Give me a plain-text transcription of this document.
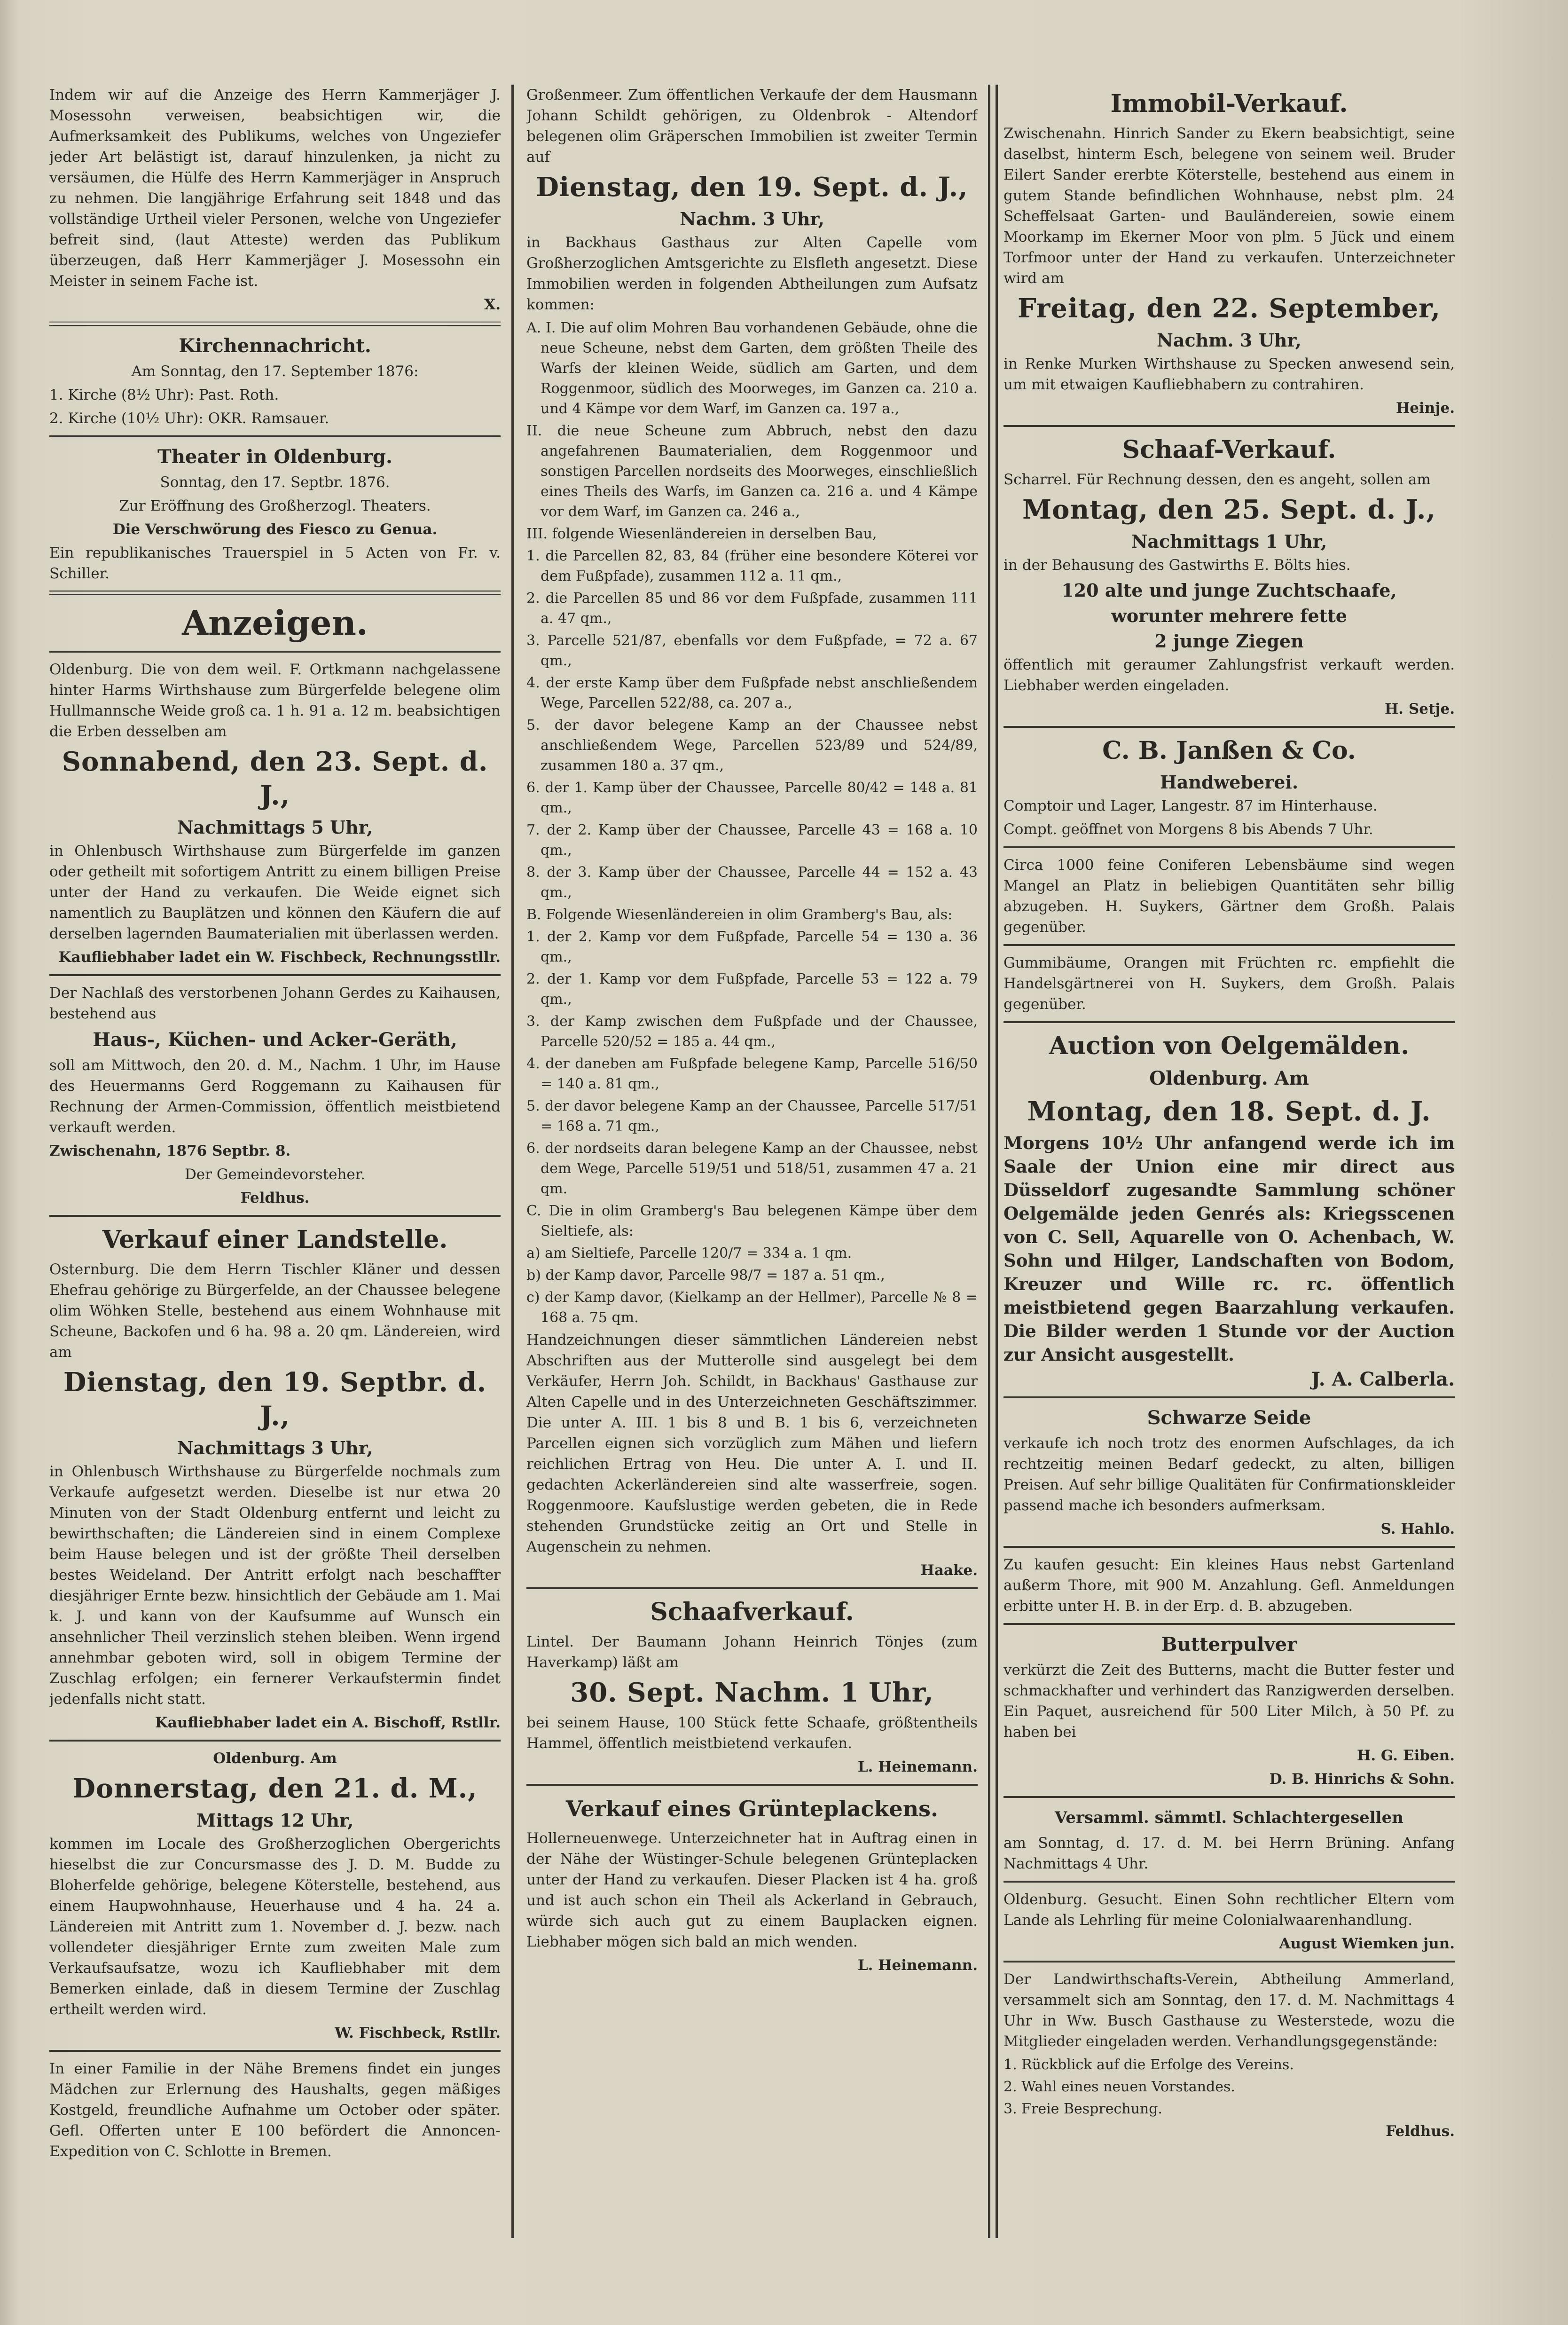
Indem wir auf die Anzeige des Herrn Kammerjäger J. Mosessohn verweisen, beabsichtigen wir, die Aufmerksamkeit des Publikums, welches von Ungeziefer jeder Art belästigt ist, darauf hinzulenken, ja nicht zu versäumen, die Hülfe des Herrn Kammerjäger in Anspruch zu nehmen. Die langjährige Erfahrung seit 1848 und das vollständige Urtheil vieler Personen, welche von Ungeziefer befreit sind, (laut Atteste) werden das Publikum überzeugen, daß Herr Kammerjäger J. Mosessohn ein Meister in seinem Fache ist.

X.

Kirchennachricht.

Am Sonntag, den 17. September 1876:

1. Kirche (8½ Uhr): Past. Roth.

2. Kirche (10½ Uhr): OKR. Ramsauer.

Theater in Oldenburg.

Sonntag, den 17. Septbr. 1876.

Zur Eröffnung des Großherzogl. Theaters.

Die Verschwörung des Fiesco zu Genua.

Ein republikanisches Trauerspiel in 5 Acten von Fr. v. Schiller.

Anzeigen.

Oldenburg. Die von dem weil. F. Ortkmann nachgelassene hinter Harms Wirthshause zum Bürgerfelde belegene olim Hullmannsche Weide groß ca. 1 h. 91 a. 12 m. beabsichtigen die Erben desselben am

Sonnabend, den 23. Sept. d. J.,
Nachmittags 5 Uhr,

in Ohlenbusch Wirthshause zum Bürgerfelde im ganzen oder getheilt mit sofortigem Antritt zu einem billigen Preise unter der Hand zu verkaufen. Die Weide eignet sich namentlich zu Bauplätzen und können den Käufern die auf derselben lagernden Baumaterialien mit überlassen werden.

Kaufliebhaber ladet ein W. Fischbeck, Rechnungsstllr.

Der Nachlaß des verstorbenen Johann Gerdes zu Kaihausen, bestehend aus

Haus-, Küchen- und Acker-Geräth,

soll am Mittwoch, den 20. d. M., Nachm. 1 Uhr, im Hause des Heuermanns Gerd Roggemann zu Kaihausen für Rechnung der Armen-Commission, öffentlich meistbietend verkauft werden.

Zwischenahn, 1876 Septbr. 8.

Der Gemeindevorsteher.

Feldhus.

Verkauf einer Landstelle.

Osternburg. Die dem Herrn Tischler Kläner und dessen Ehefrau gehörige zu Bürgerfelde, an der Chaussee belegene olim Wöhken Stelle, bestehend aus einem Wohnhause mit Scheune, Backofen und 6 ha. 98 a. 20 qm. Ländereien, wird am

Dienstag, den 19. Septbr. d. J.,
Nachmittags 3 Uhr,

in Ohlenbusch Wirthshause zu Bürgerfelde nochmals zum Verkaufe aufgesetzt werden. Dieselbe ist nur etwa 20 Minuten von der Stadt Oldenburg entfernt und leicht zu bewirthschaften; die Ländereien sind in einem Complexe beim Hause belegen und ist der größte Theil derselben bestes Weideland. Der Antritt erfolgt nach beschaffter diesjähriger Ernte bezw. hinsichtlich der Gebäude am 1. Mai k. J. und kann von der Kaufsumme auf Wunsch ein ansehnlicher Theil verzinslich stehen bleiben. Wenn irgend annehmbar geboten wird, soll in obigem Termine der Zuschlag erfolgen; ein fernerer Verkaufstermin findet jedenfalls nicht statt.

Kaufliebhaber ladet ein A. Bischoff, Rstllr.

Oldenburg. Am

Donnerstag, den 21. d. M.,
Mittags 12 Uhr,

kommen im Locale des Großherzoglichen Obergerichts hieselbst die zur Concursmasse des J. D. M. Budde zu Bloherfelde gehörige, belegene Köterstelle, bestehend, aus einem Haupwohnhause, Heuerhause und 4 ha. 24 a. Ländereien mit Antritt zum 1. November d. J. bezw. nach vollendeter diesjähriger Ernte zum zweiten Male zum Verkaufsaufsatze, wozu ich Kaufliebhaber mit dem Bemerken einlade, daß in diesem Termine der Zuschlag ertheilt werden wird.

W. Fischbeck, Rstllr.

In einer Familie in der Nähe Bremens findet ein junges Mädchen zur Erlernung des Haushalts, gegen mäßiges Kostgeld, freundliche Aufnahme um October oder später. Gefl. Offerten unter E 100 befördert die Annoncen-Expedition von C. Schlotte in Bremen.

Großenmeer. Zum öffentlichen Verkaufe der dem Hausmann Johann Schildt gehörigen, zu Oldenbrok - Altendorf belegenen olim Gräperschen Immobilien ist zweiter Termin auf

Dienstag, den 19. Sept. d. J.,
Nachm. 3 Uhr,

in Backhaus Gasthaus zur Alten Capelle vom Großherzoglichen Amtsgerichte zu Elsfleth angesetzt. Diese Immobilien werden in folgenden Abtheilungen zum Aufsatz kommen:

A. I. Die auf olim Mohren Bau vorhandenen Gebäude, ohne die neue Scheune, nebst dem Garten, dem größten Theile des Warfs der kleinen Weide, südlich am Garten, und dem Roggenmoor, südlich des Moorweges, im Ganzen ca. 210 a. und 4 Kämpe vor dem Warf, im Ganzen ca. 197 a.,

II. die neue Scheune zum Abbruch, nebst den dazu angefahrenen Baumaterialien, dem Roggenmoor und sonstigen Parcellen nordseits des Moorweges, einschließlich eines Theils des Warfs, im Ganzen ca. 216 a. und 4 Kämpe vor dem Warf, im Ganzen ca. 246 a.,

III. folgende Wiesenländereien in derselben Bau,

1. die Parcellen 82, 83, 84 (früher eine besondere Köterei vor dem Fußpfade), zusammen 112 a. 11 qm.,

2. die Parcellen 85 und 86 vor dem Fußpfade, zusammen 111 a. 47 qm.,

3. Parcelle 521/87, ebenfalls vor dem Fußpfade, = 72 a. 67 qm.,

4. der erste Kamp über dem Fußpfade nebst anschließendem Wege, Parcellen 522/88, ca. 207 a.,

5. der davor belegene Kamp an der Chaussee nebst anschließendem Wege, Parcellen 523/89 und 524/89, zusammen 180 a. 37 qm.,

6. der 1. Kamp über der Chaussee, Parcelle 80/42 = 148 a. 81 qm.,

7. der 2. Kamp über der Chaussee, Parcelle 43 = 168 a. 10 qm.,

8. der 3. Kamp über der Chaussee, Parcelle 44 = 152 a. 43 qm.,

B. Folgende Wiesenländereien in olim Gramberg's Bau, als:

1. der 2. Kamp vor dem Fußpfade, Parcelle 54 = 130 a. 36 qm.,

2. der 1. Kamp vor dem Fußpfade, Parcelle 53 = 122 a. 79 qm.,

3. der Kamp zwischen dem Fußpfade und der Chaussee, Parcelle 520/52 = 185 a. 44 qm.,

4. der daneben am Fußpfade belegene Kamp, Parcelle 516/50 = 140 a. 81 qm.,

5. der davor belegene Kamp an der Chaussee, Parcelle 517/51 = 168 a. 71 qm.,

6. der nordseits daran belegene Kamp an der Chaussee, nebst dem Wege, Parcelle 519/51 und 518/51, zusammen 47 a. 21 qm.

C. Die in olim Gramberg's Bau belegenen Kämpe über dem Sieltiefe, als:

a) am Sieltiefe, Parcelle 120/7 = 334 a. 1 qm.

b) der Kamp davor, Parcelle 98/7 = 187 a. 51 qm.,

c) der Kamp davor, (Kielkamp an der Hellmer), Parcelle № 8 = 168 a. 75 qm.

Handzeichnungen dieser sämmtlichen Ländereien nebst Abschriften aus der Mutterolle sind ausgelegt bei dem Verkäufer, Herrn Joh. Schildt, in Backhaus' Gasthause zur Alten Capelle und in des Unterzeichneten Geschäftszimmer. Die unter A. III. 1 bis 8 und B. 1 bis 6, verzeichneten Parcellen eignen sich vorzüglich zum Mähen und liefern reichlichen Ertrag von Heu. Die unter A. I. und II. gedachten Ackerländereien sind alte wasserfreie, sogen. Roggenmoore. Kaufslustige werden gebeten, die in Rede stehenden Grundstücke zeitig an Ort und Stelle in Augenschein zu nehmen.

Haake.

Schaafverkauf.

Lintel. Der Baumann Johann Heinrich Tönjes (zum Haverkamp) läßt am

30. Sept. Nachm. 1 Uhr,

bei seinem Hause, 100 Stück fette Schaafe, größtentheils Hammel, öffentlich meistbietend verkaufen.

L. Heinemann.

Verkauf eines Grünteplackens.

Hollerneuenwege. Unterzeichneter hat in Auftrag einen in der Nähe der Wüstinger-Schule belegenen Grünteplacken unter der Hand zu verkaufen. Dieser Placken ist 4 ha. groß und ist auch schon ein Theil als Ackerland in Gebrauch, würde sich auch gut zu einem Bauplacken eignen. Liebhaber mögen sich bald an mich wenden.

L. Heinemann.

Immobil-Verkauf.

Zwischenahn. Hinrich Sander zu Ekern beabsichtigt, seine daselbst, hinterm Esch, belegene von seinem weil. Bruder Eilert Sander ererbte Köterstelle, bestehend aus einem in gutem Stande befindlichen Wohnhause, nebst plm. 24 Scheffelsaat Garten- und Bauländereien, sowie einem Moorkamp im Ekerner Moor von plm. 5 Jück und einem Torfmoor unter der Hand zu verkaufen. Unterzeichneter wird am

Freitag, den 22. September,
Nachm. 3 Uhr,

in Renke Murken Wirthshause zu Specken anwesend sein, um mit etwaigen Kaufliebhabern zu contrahiren.

Heinje.

Schaaf-Verkauf.

Scharrel. Für Rechnung dessen, den es angeht, sollen am

Montag, den 25. Sept. d. J.,
Nachmittags 1 Uhr,

in der Behausung des Gastwirths E. Bölts hies.

120 alte und junge Zuchtschaafe,
worunter mehrere fette
2 junge Ziegen

öffentlich mit geraumer Zahlungsfrist verkauft werden. Liebhaber werden eingeladen.

H. Setje.

C. B. Janßen & Co.
Handweberei.

Comptoir und Lager, Langestr. 87 im Hinterhause.

Compt. geöffnet von Morgens 8 bis Abends 7 Uhr.

Circa 1000 feine Coniferen Lebensbäume sind wegen Mangel an Platz in beliebigen Quantitäten sehr billig abzugeben. H. Suykers, Gärtner dem Großh. Palais gegenüber.

Gummibäume, Orangen mit Früchten rc. empfiehlt die Handelsgärtnerei von H. Suykers, dem Großh. Palais gegenüber.

Auction von Oelgemälden.

Oldenburg. Am

Montag, den 18. Sept. d. J.

Morgens 10½ Uhr anfangend werde ich im Saale der Union eine mir direct aus Düsseldorf zugesandte Sammlung schöner Oelgemälde jeden Genrés als: Kriegsscenen von C. Sell, Aquarelle von O. Achenbach, W. Sohn und Hilger, Landschaften von Bodom, Kreuzer und Wille rc. rc. öffentlich meistbietend gegen Baarzahlung verkaufen. Die Bilder werden 1 Stunde vor der Auction zur Ansicht ausgestellt.

J. A. Calberla.

Schwarze Seide

verkaufe ich noch trotz des enormen Aufschlages, da ich rechtzeitig meinen Bedarf gedeckt, zu alten, billigen Preisen. Auf sehr billige Qualitäten für Confirmationskleider passend mache ich besonders aufmerksam.

S. Hahlo.

Zu kaufen gesucht: Ein kleines Haus nebst Gartenland außerm Thore, mit 900 M. Anzahlung. Gefl. Anmeldungen erbitte unter H. B. in der Erp. d. B. abzugeben.

Butterpulver

verkürzt die Zeit des Butterns, macht die Butter fester und schmackhafter und verhindert das Ranzigwerden derselben. Ein Paquet, ausreichend für 500 Liter Milch, à 50 Pf. zu haben bei

H. G. Eiben.

D. B. Hinrichs & Sohn.

Versamml. sämmtl. Schlachtergesellen

am Sonntag, d. 17. d. M. bei Herrn Brüning. Anfang Nachmittags 4 Uhr.

Oldenburg. Gesucht. Einen Sohn rechtlicher Eltern vom Lande als Lehrling für meine Colonialwaarenhandlung.

August Wiemken jun.

Der Landwirthschafts-Verein, Abtheilung Ammerland, versammelt sich am Sonntag, den 17. d. M. Nachmittags 4 Uhr in Ww. Busch Gasthause zu Westerstede, wozu die Mitglieder eingeladen werden. Verhandlungsgegenstände:

1. Rückblick auf die Erfolge des Vereins.

2. Wahl eines neuen Vorstandes.

3. Freie Besprechung.

Feldhus.
